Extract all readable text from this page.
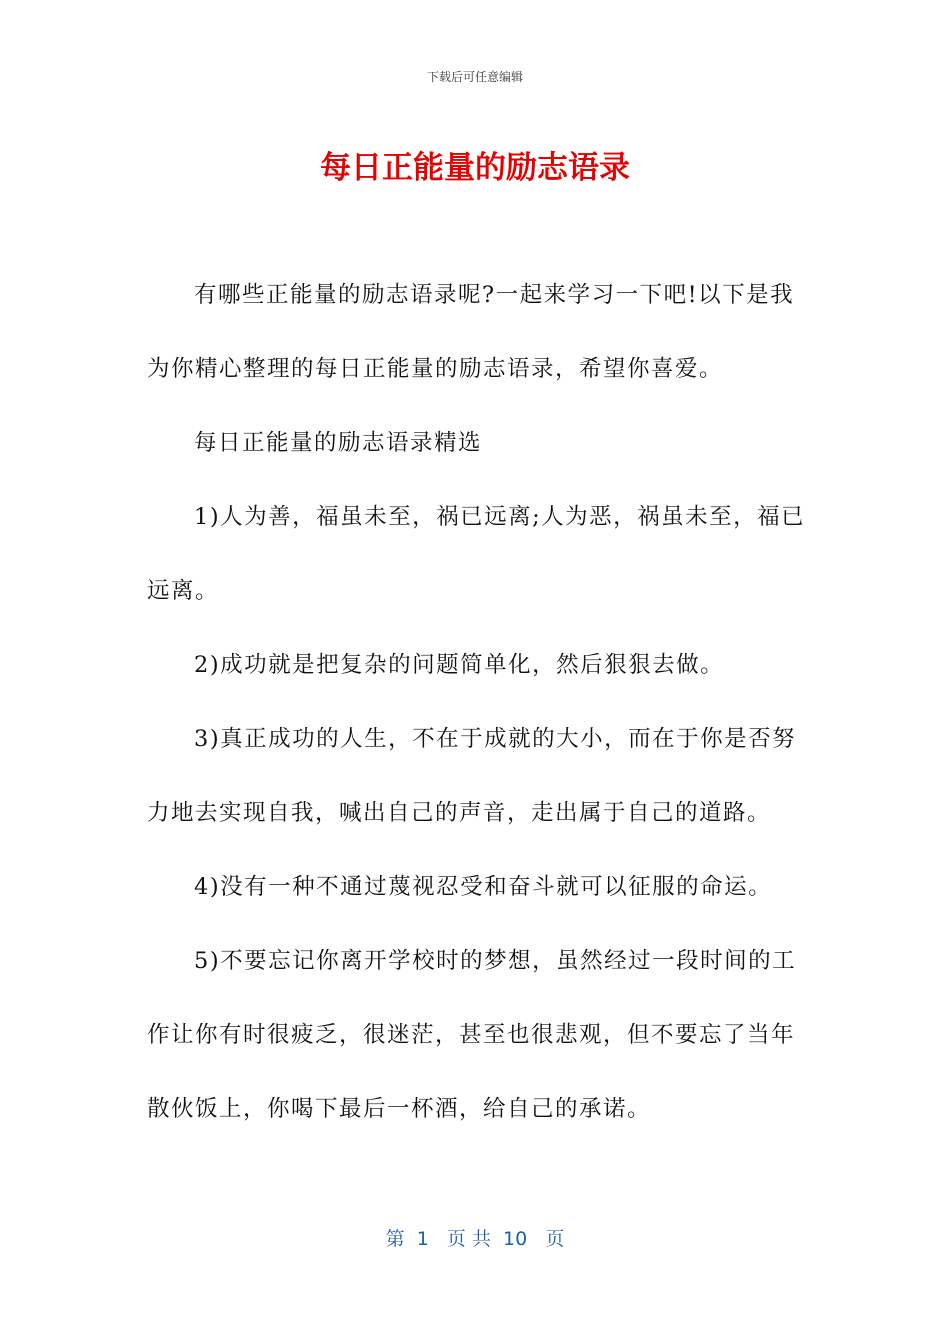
下载后可任意编辑
每日正能量的励志语录

有哪些正能量的励志语录呢?一起来学习一下吧!以下是我为你精心整理的每日正能量的励志语录，希望你喜爱。

每日正能量的励志语录精选

1)人为善，福虽未至，祸已远离;人为恶，祸虽未至，福已远离。

2)成功就是把复杂的问题简单化，然后狠狠去做。

3)真正成功的人生，不在于成就的大小，而在于你是否努力地去实现自我，喊出自己的声音，走出属于自己的道路。

4)没有一种不通过蔑视忍受和奋斗就可以征服的命运。

5)不要忘记你离开学校时的梦想，虽然经过一段时间的工作让你有时很疲乏，很迷茫，甚至也很悲观，但不要忘了当年散伙饭上，你喝下最后一杯酒，给自己的承诺。

第  1   页 共  10   页
